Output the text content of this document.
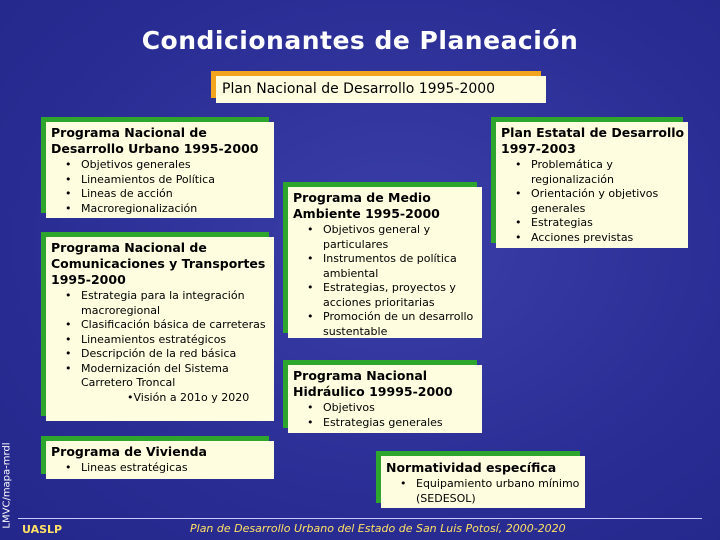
Condicionantes de Planeación
Plan Nacional de Desarrollo 1995-2000
Programa Nacional de Desarrollo Urbano 1995-2000
• Objetivos generales
• Lineamientos de Política
• Lineas de acción
• Macroregionalización
Programa Nacional de Comunicaciones y Transportes 1995-2000
• Estrategia para la integración macroregional
• Clasificación básica de carreteras
• Lineamientos estratégicos
• Descripción de la red básica
• Modernización del Sistema Carretero Troncal
•Visión a 201o y 2020
Programa de Vivienda
• Lineas estratégicas
Programa de Medio Ambiente 1995-2000
• Objetivos general y particulares
• Instrumentos de política ambiental
• Estrategias, proyectos y acciones prioritarias
• Promoción de un desarrollo sustentable
Programa Nacional Hidráulico 19995-2000
• Objetivos
• Estrategias generales
Plan Estatal de Desarrollo 1997-2003
• Problemática y regionalización
• Orientación y objetivos generales
• Estrategias
• Acciones previstas
Normatividad específica
• Equipamiento urbano mínimo (SEDESOL)
LMVC/mapa-mrdl
UASLP	Plan de Desarrollo Urbano del Estado de San Luis Potosí, 2000-2020
